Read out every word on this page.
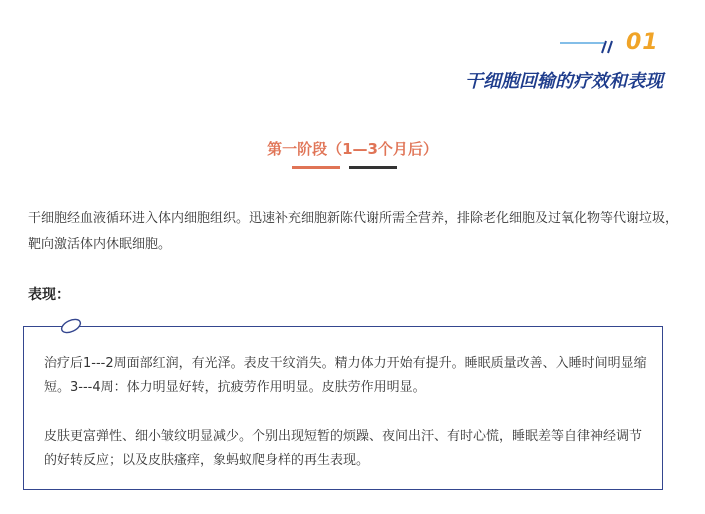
01
干细胞回输的疗效和表现
第一阶段（1—3个月后）

干细胞经血液循环进入体内细胞组织。迅速补充细胞新陈代谢所需全营养，排除老化细胞及过氧化物等代谢垃圾，靶向激活体内休眠细胞。

表现：

治疗后1---2周面部红润，有光泽。表皮干纹消失。精力体力开始有提升。睡眠质量改善、入睡时间明显缩短。3---4周：体力明显好转，抗疲劳作用明显。皮肤劳作用明显。

皮肤更富弹性、细小皱纹明显减少。个别出现短暂的烦躁、夜间出汗、有时心慌，睡眠差等自律神经调节的好转反应；以及皮肤瘙痒，象蚂蚁爬身样的再生表现。
